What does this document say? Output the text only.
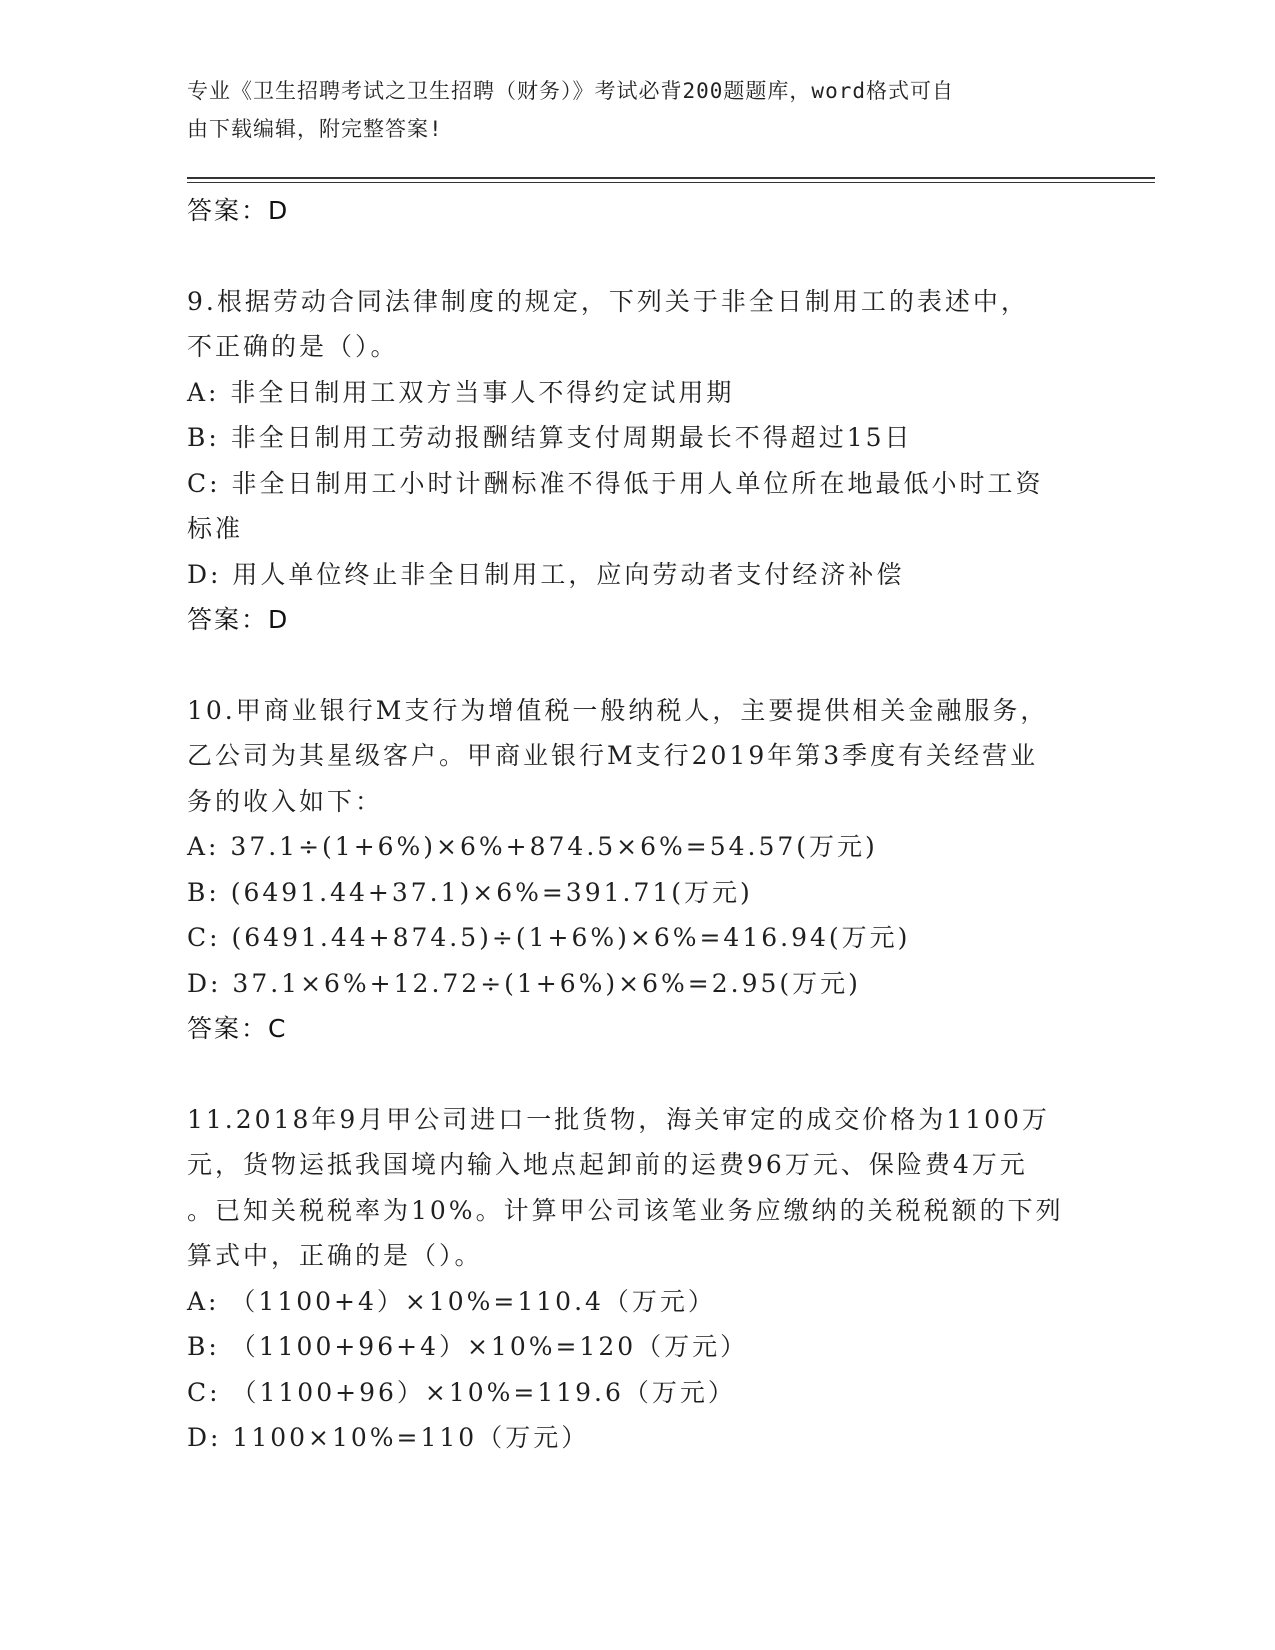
专业《卫生招聘考试之卫生招聘（财务）》考试必背200题题库，word格式可自
由下载编辑，附完整答案!
答案：D
9.根据劳动合同法律制度的规定，下列关于非全日制用工的表述中，
不正确的是（）。
A: 非全日制用工双方当事人不得约定试用期
B: 非全日制用工劳动报酬结算支付周期最长不得超过15日
C: 非全日制用工小时计酬标准不得低于用人单位所在地最低小时工资
标准
D: 用人单位终止非全日制用工，应向劳动者支付经济补偿
答案：D
10.甲商业银行M支行为增值税一般纳税人，主要提供相关金融服务，
乙公司为其星级客户。甲商业银行M支行2019年第3季度有关经营业
务的收入如下：
A: 37.1÷(1+6%)×6%+874.5×6%=54.57(万元)
B: (6491.44+37.1)×6%=391.71(万元)
C: (6491.44+874.5)÷(1+6%)×6%=416.94(万元)
D: 37.1×6%+12.72÷(1+6%)×6%=2.95(万元)
答案：C
11.2018年9月甲公司进口一批货物，海关审定的成交价格为1100万
元，货物运抵我国境内输入地点起卸前的运费96万元、保险费4万元
。已知关税税率为10%。计算甲公司该笔业务应缴纳的关税税额的下列
算式中，正确的是（）。
A: （1100+4）×10%=110.4（万元）
B: （1100+96+4）×10%=120（万元）
C: （1100+96）×10%=119.6（万元）
D: 1100×10%=110（万元）
